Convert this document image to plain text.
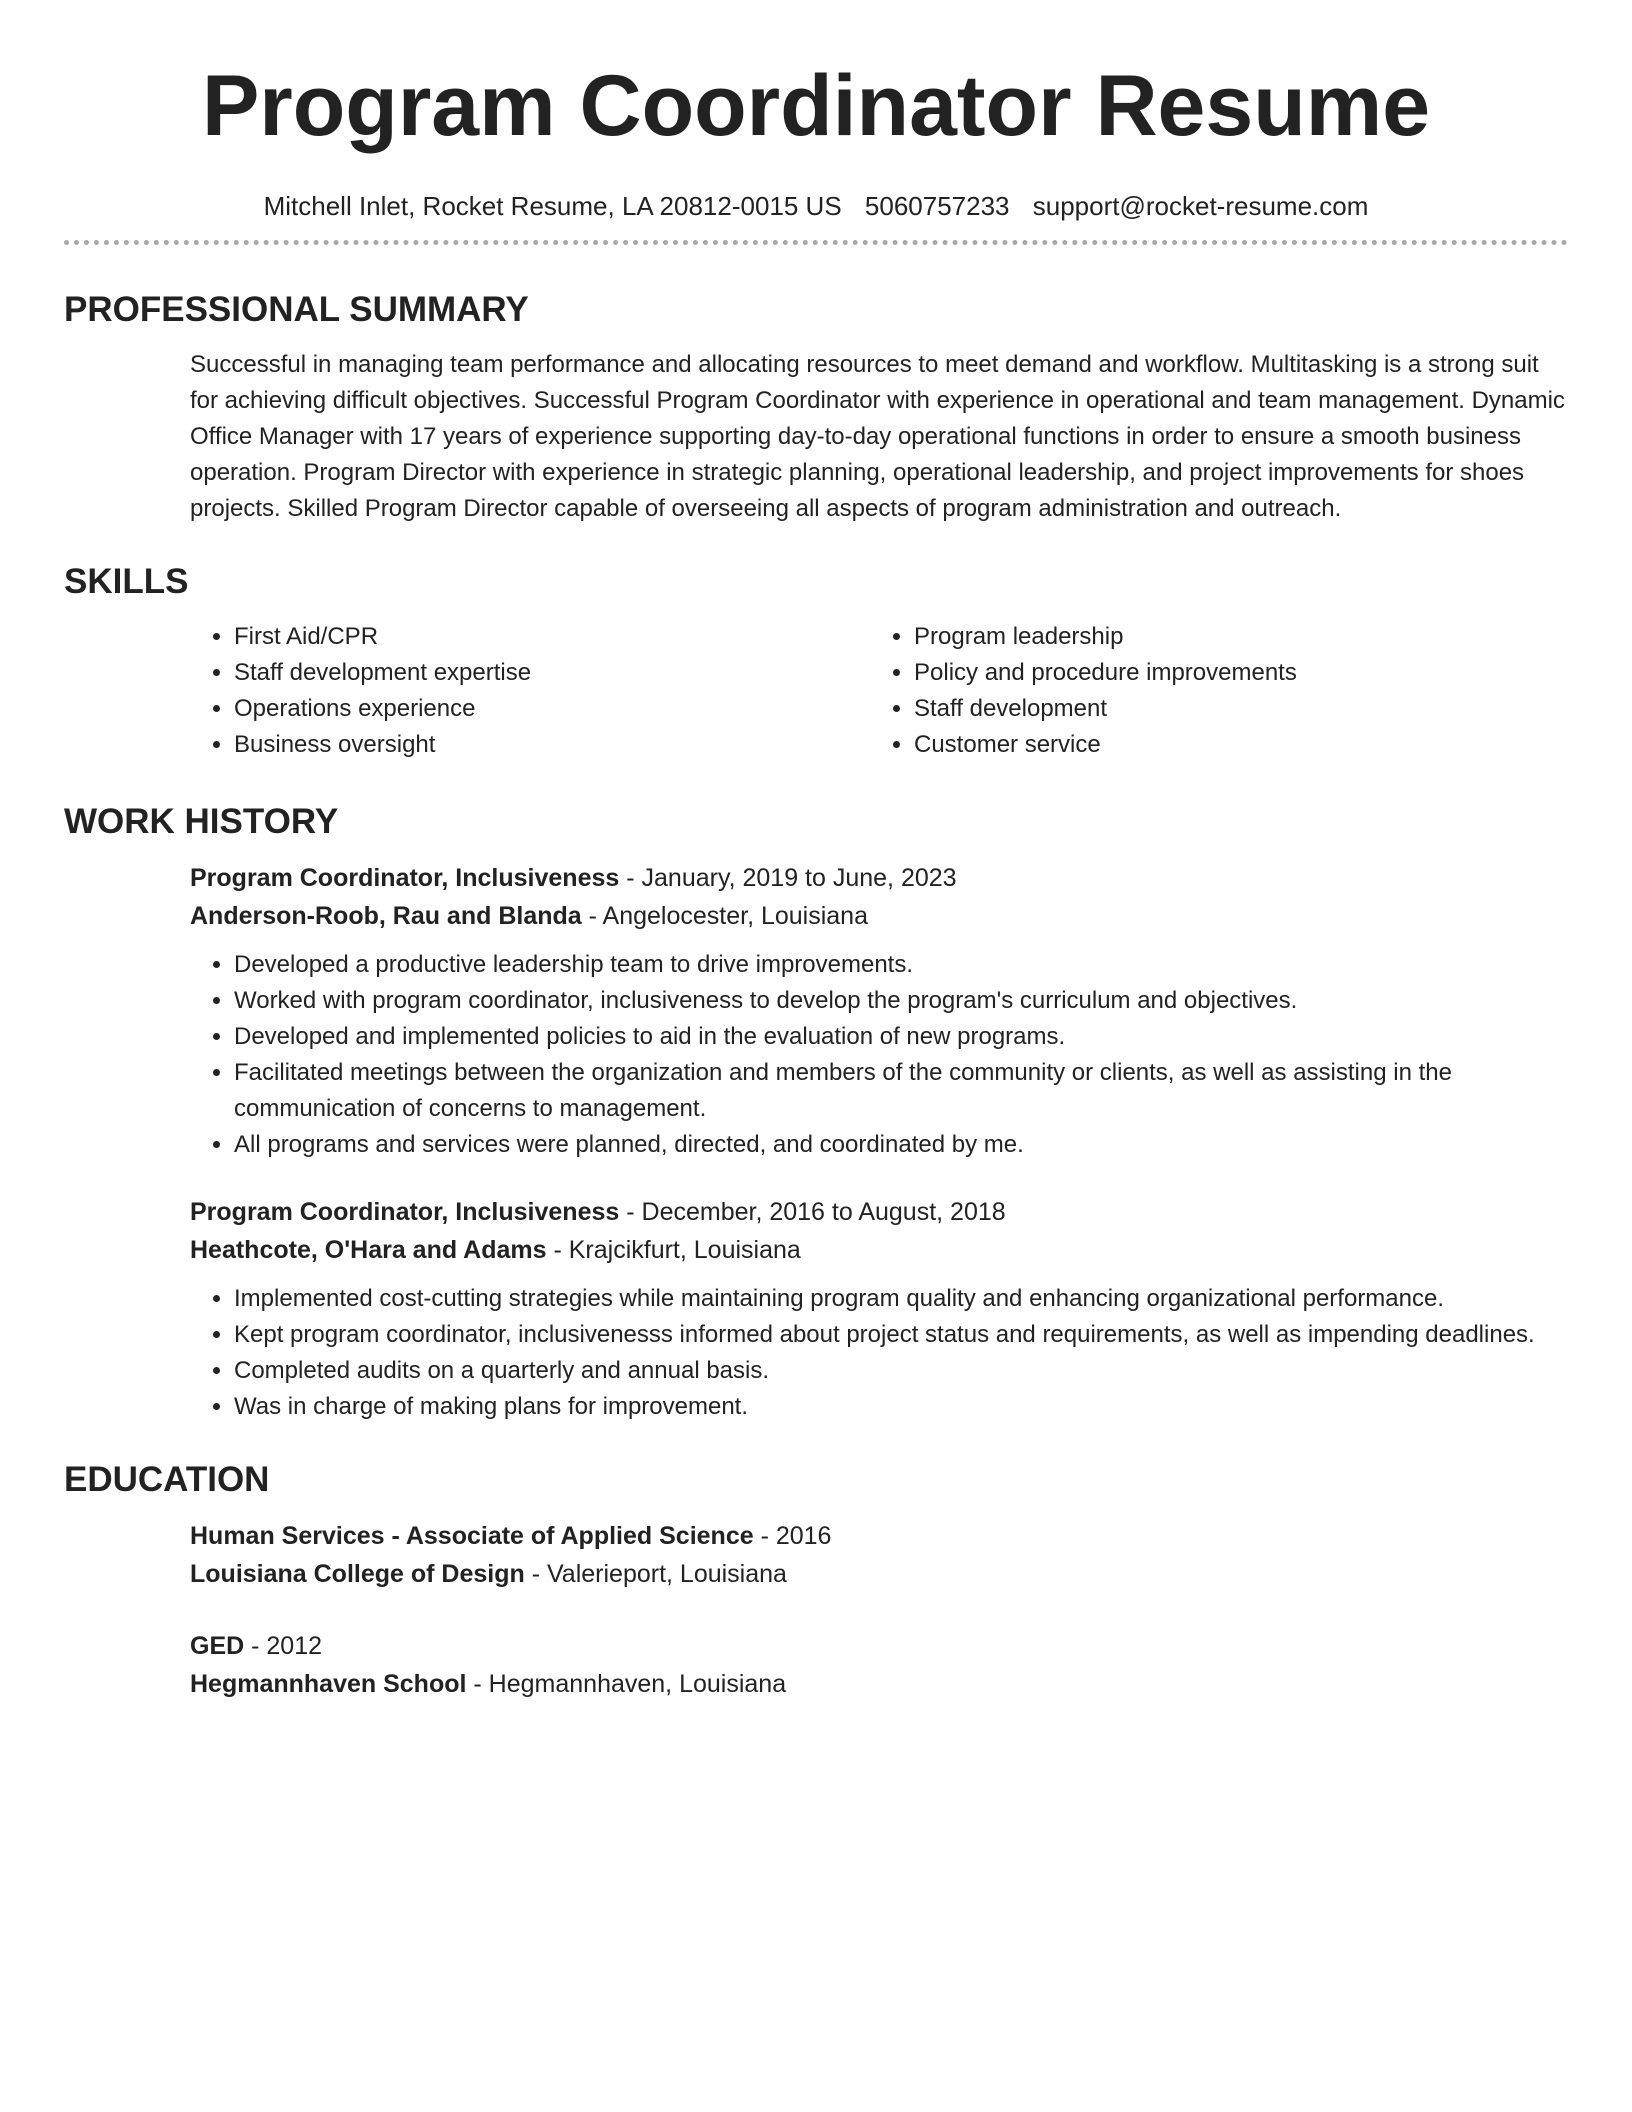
Program Coordinator Resume
Mitchell Inlet, Rocket Resume, LA 20812-0015 US 5060757233 support@rocket-resume.com
PROFESSIONAL SUMMARY

Successful in managing team performance and allocating resources to meet demand and workflow. Multitasking is a strong suit for achieving difficult objectives. Successful Program Coordinator with experience in operational and team management. Dynamic Office Manager with 17 years of experience supporting day-to-day operational functions in order to ensure a smooth business operation. Program Director with experience in strategic planning, operational leadership, and project improvements for shoes projects. Skilled Program Director capable of overseeing all aspects of program administration and outreach.

SKILLS
• First Aid/CPR
• Staff development expertise
• Operations experience
• Business oversight
• Program leadership
• Policy and procedure improvements
• Staff development
• Customer service
WORK HISTORY
Program Coordinator, Inclusiveness - January, 2019 to June, 2023
Anderson-Roob, Rau and Blanda - Angelocester, Louisiana
• Developed a productive leadership team to drive improvements.
• Worked with program coordinator, inclusiveness to develop the program's curriculum and objectives.
• Developed and implemented policies to aid in the evaluation of new programs.
• Facilitated meetings between the organization and members of the community or clients, as well as assisting in the communication of concerns to management.
• All programs and services were planned, directed, and coordinated by me.
Program Coordinator, Inclusiveness - December, 2016 to August, 2018
Heathcote, O'Hara and Adams - Krajcikfurt, Louisiana
• Implemented cost-cutting strategies while maintaining program quality and enhancing organizational performance.
• Kept program coordinator, inclusivenesss informed about project status and requirements, as well as impending deadlines.
• Completed audits on a quarterly and annual basis.
• Was in charge of making plans for improvement.
EDUCATION
Human Services - Associate of Applied Science - 2016
Louisiana College of Design - Valerieport, Louisiana
GED - 2012
Hegmannhaven School - Hegmannhaven, Louisiana
